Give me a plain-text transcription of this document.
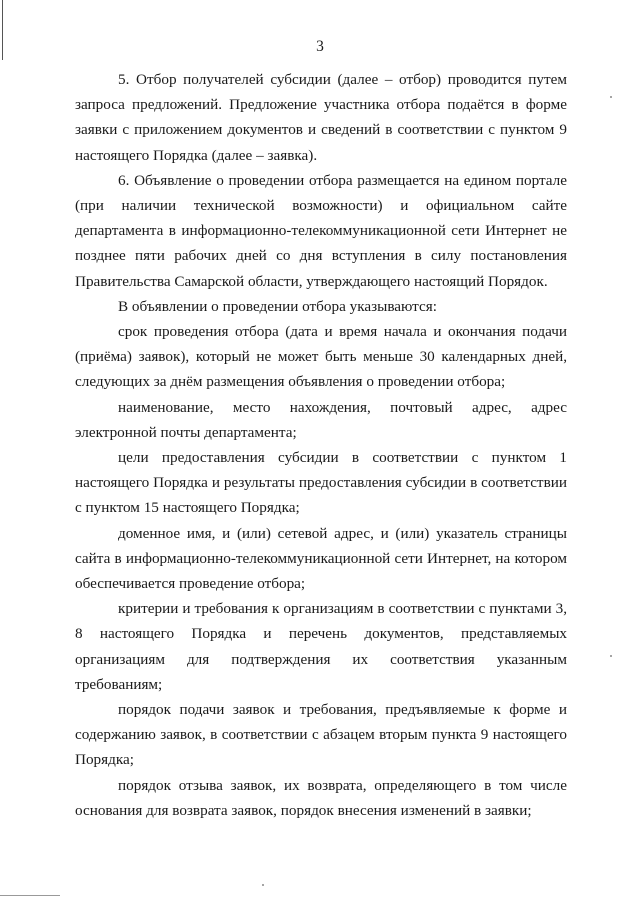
3

5. Отбор получателей субсидии (далее – отбор) проводится путем запроса предложений. Предложение участника отбора подаётся в форме заявки с приложением документов и сведений в соответствии с пунктом 9 настоящего Порядка (далее – заявка).

6. Объявление о проведении отбора размещается на едином портале (при наличии технической возможности) и официальном сайте департамента в информационно-телекоммуникационной сети Интернет не позднее пяти рабочих дней со дня вступления в силу постановления Правительства Самарской области, утверждающего настоящий Порядок.

В объявлении о проведении отбора указываются:

срок проведения отбора (дата и время начала и окончания подачи (приёма) заявок), который не может быть меньше 30 календарных дней, следующих за днём размещения объявления о проведении отбора;

наименование, место нахождения, почтовый адрес, адрес электронной почты департамента;

цели предоставления субсидии в соответствии с пунктом 1 настоящего Порядка и результаты предоставления субсидии в соответствии с пунктом 15 настоящего Порядка;

доменное имя, и (или) сетевой адрес, и (или) указатель страницы сайта в информационно-телекоммуникационной сети Интернет, на котором обеспечивается проведение отбора;

критерии и требования к организациям в соответствии с пунктами 3, 8 настоящего Порядка и перечень документов, представляемых организациям для подтверждения их соответствия указанным требованиям;

порядок подачи заявок и требования, предъявляемые к форме и содержанию заявок, в соответствии с абзацем вторым пункта 9 настоящего Порядка;

порядок отзыва заявок, их возврата, определяющего в том числе основания для возврата заявок, порядок внесения изменений в заявки;
